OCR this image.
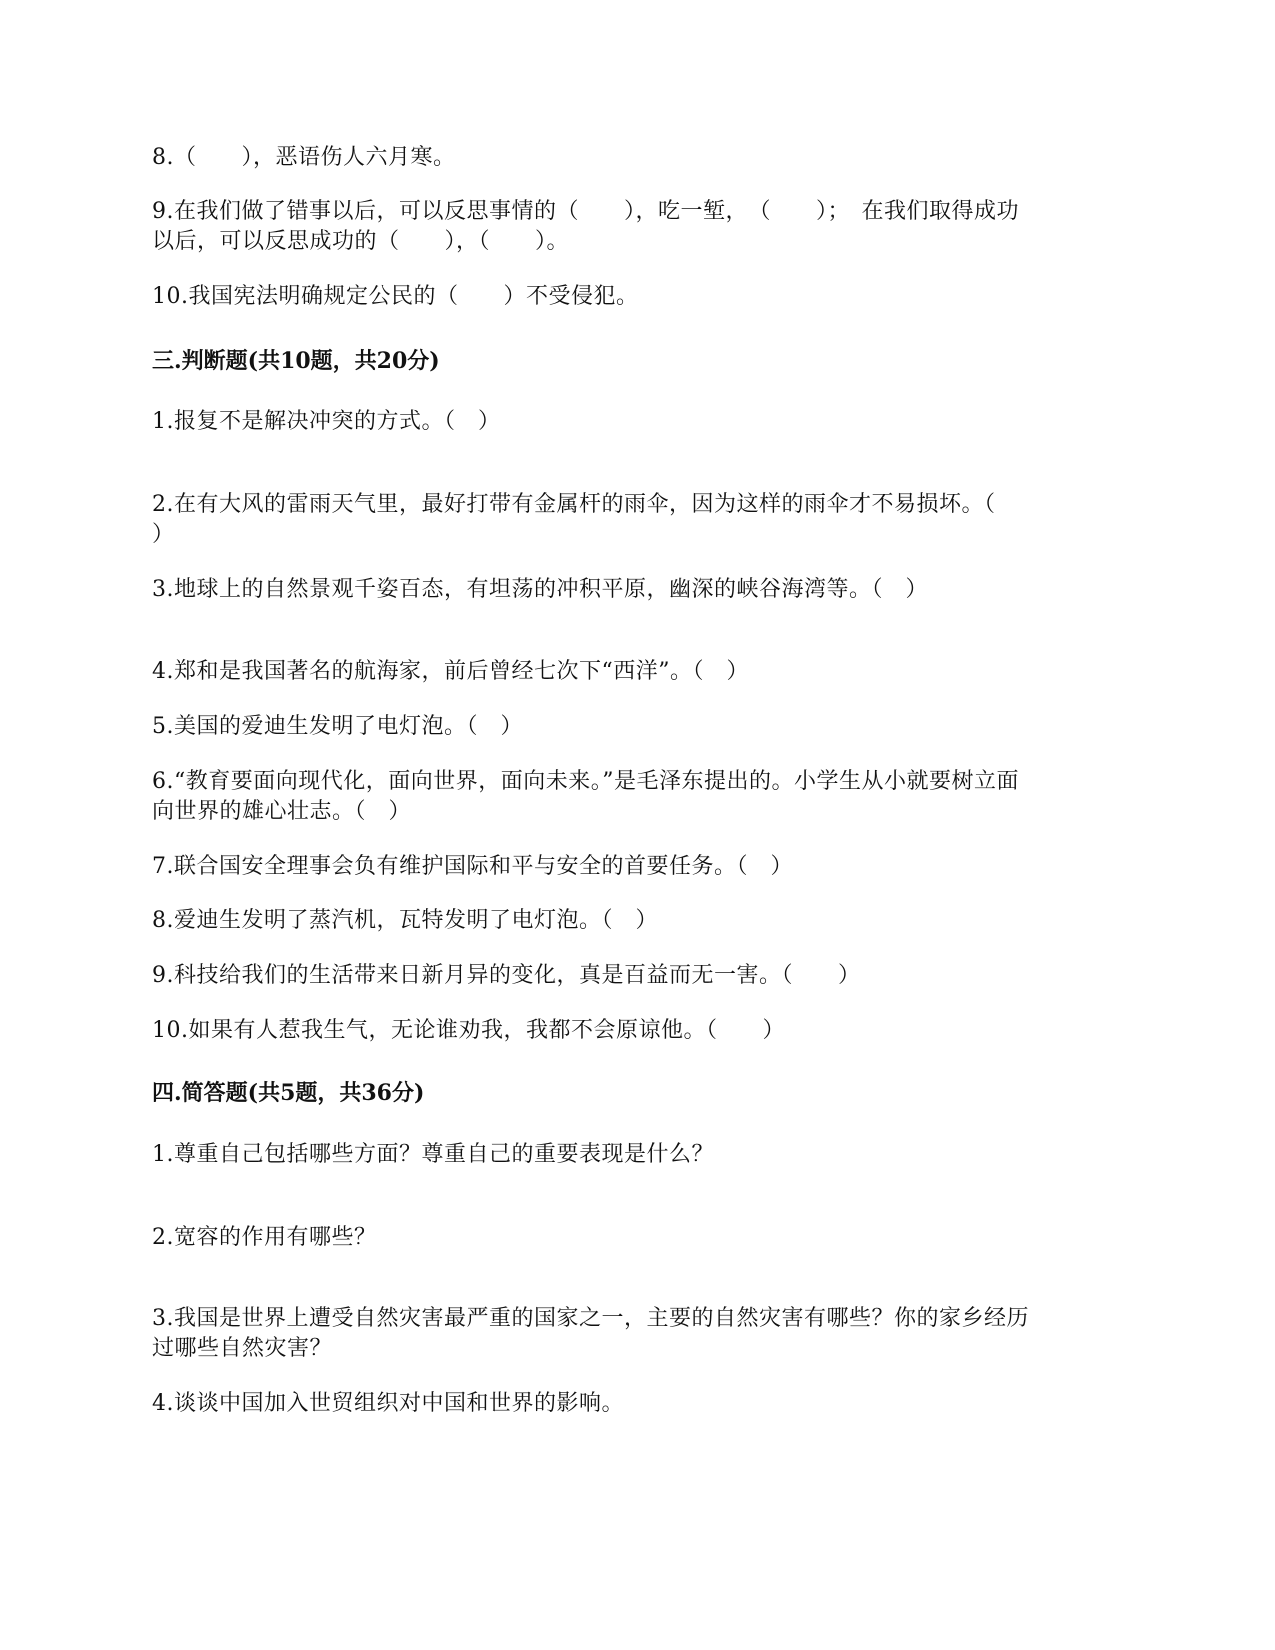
8.（　　），恶语伤人六月寒。
9.在我们做了错事以后，可以反思事情的（　　），吃一堑，　（　　）；　在我们取得成功
以后，可以反思成功的（　　），（　　）。
10.我国宪法明确规定公民的（　　）不受侵犯。
三.判断题(共10题，共20分)
1.报复不是解决冲突的方式。（　）
2.在有大风的雷雨天气里，最好打带有金属杆的雨伞，因为这样的雨伞才不易损坏。（
）
3.地球上的自然景观千姿百态，有坦荡的冲积平原，幽深的峡谷海湾等。（　）
4.郑和是我国著名的航海家，前后曾经七次下“西洋”。（　）
5.美国的爱迪生发明了电灯泡。（　）
6.“教育要面向现代化，面向世界，面向未来。”是毛泽东提出的。小学生从小就要树立面
向世界的雄心壮志。（　）
7.联合国安全理事会负有维护国际和平与安全的首要任务。（　）
8.爱迪生发明了蒸汽机，瓦特发明了电灯泡。（　）
9.科技给我们的生活带来日新月异的变化，真是百益而无一害。（　　）
10.如果有人惹我生气，无论谁劝我，我都不会原谅他。（　　）
四.简答题(共5题，共36分)
1.尊重自己包括哪些方面？尊重自己的重要表现是什么？
2.宽容的作用有哪些？
3.我国是世界上遭受自然灾害最严重的国家之一，主要的自然灾害有哪些？你的家乡经历
过哪些自然灾害？
4.谈谈中国加入世贸组织对中国和世界的影响。
